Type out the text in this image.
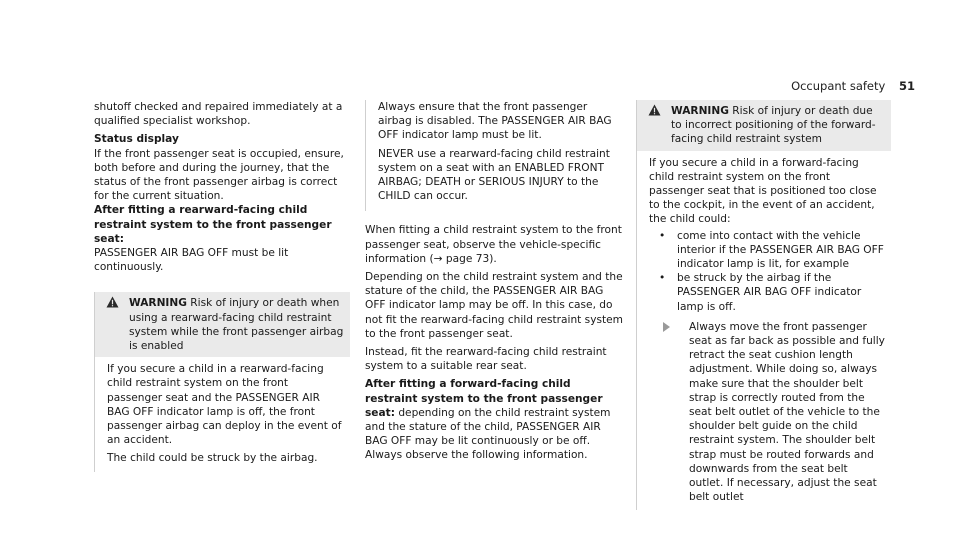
Occupant safety 51

shutoff checked and repaired immediately at a qualified specialist workshop.

Status display

If the front passenger seat is occupied, ensure, both before and during the journey, that the status of the front passenger airbag is correct for the current situation.

After fitting a rearward-facing child restraint system to the front passenger seat:

PASSENGER AIR BAG OFF must be lit continuously.

WARNING Risk of injury or death when using a rearward-facing child restraint system while the front passenger airbag is enabled

If you secure a child in a rearward-facing child restraint system on the front passenger seat and the PASSENGER AIR BAG OFF indicator lamp is off, the front passenger airbag can deploy in the event of an accident.

The child could be struck by the airbag.

Always ensure that the front passenger airbag is disabled. The PASSENGER AIR BAG OFF indicator lamp must be lit.

NEVER use a rearward-facing child restraint system on a seat with an ENABLED FRONT AIRBAG; DEATH or SERIOUS INJURY to the CHILD can occur.

When fitting a child restraint system to the front passenger seat, observe the vehicle-specific information (→ page 73).

Depending on the child restraint system and the stature of the child, the PASSENGER AIR BAG OFF indicator lamp may be off. In this case, do not fit the rearward-facing child restraint system to the front passenger seat.

Instead, fit the rearward-facing child restraint system to a suitable rear seat.

After fitting a forward-facing child restraint system to the front passenger seat: depending on the child restraint system and the stature of the child, PASSENGER AIR BAG OFF may be lit continuously or be off. Always observe the following information.

WARNING Risk of injury or death due to incorrect positioning of the forward-facing child restraint system

If you secure a child in a forward-facing child restraint system on the front passenger seat that is positioned too close to the cockpit, in the event of an accident, the child could:

• come into contact with the vehicle interior if the PASSENGER AIR BAG OFF indicator lamp is lit, for example
• be struck by the airbag if the PASSENGER AIR BAG OFF indicator lamp is off.

Always move the front passenger seat as far back as possible and fully retract the seat cushion length adjustment. While doing so, always make sure that the shoulder belt strap is correctly routed from the seat belt outlet of the vehicle to the shoulder belt guide on the child restraint system. The shoulder belt strap must be routed forwards and downwards from the seat belt outlet. If necessary, adjust the seat belt outlet
